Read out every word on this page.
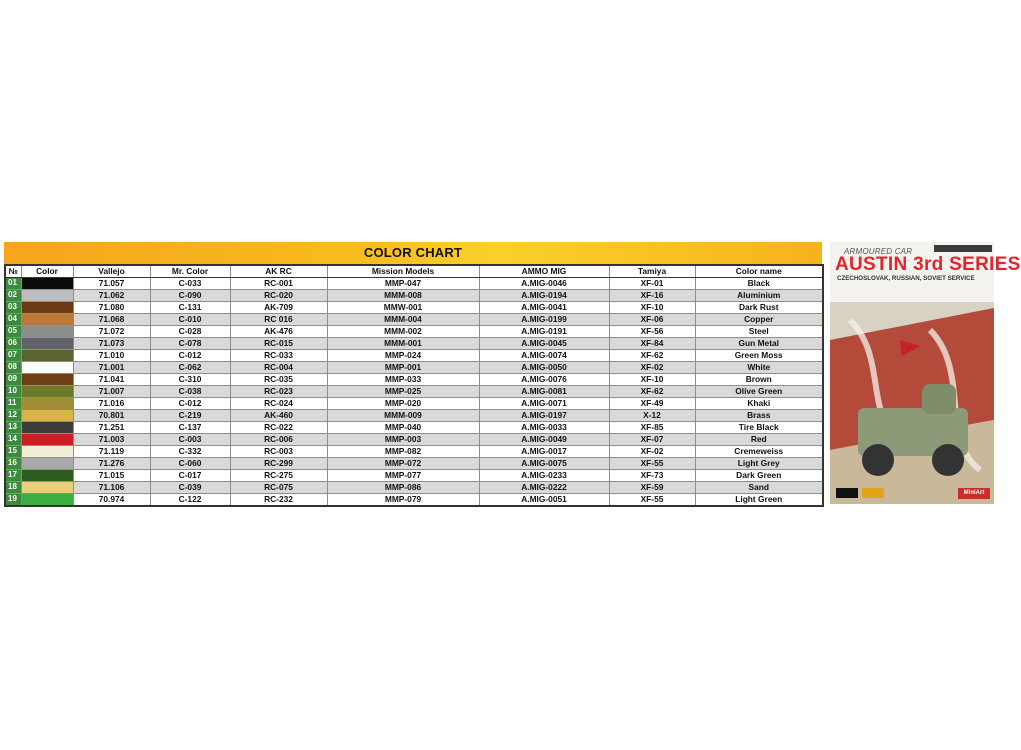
COLOR CHART
№	Color	Vallejo	Mr. Color	AK RC	Mission Models	AMMO MIG	Tamiya	Color name
01		71.057	C-033	RC-001	MMP-047	A.MIG-0046	XF-01	Black
02		71.062	C-090	RC-020	MMM-008	A.MIG-0194	XF-16	Aluminium
03		71.080	C-131	AK-709	MMW-001	A.MIG-0041	XF-10	Dark Rust
04		71.068	C-010	RC 016	MMM-004	A.MIG-0199	XF-06	Copper
05		71.072	C-028	AK-476	MMM-002	A.MIG-0191	XF-56	Steel
06		71.073	C-078	RC-015	MMM-001	A.MIG-0045	XF-84	Gun Metal
07		71.010	C-012	RC-033	MMP-024	A.MIG-0074	XF-62	Green Moss
08		71.001	C-062	RC-004	MMP-001	A.MIG-0050	XF-02	White
09		71.041	C-310	RC-035	MMP-033	A.MIG-0076	XF-10	Brown
10		71.007	C-038	RC-023	MMP-025	A.MIG-0081	XF-62	Olive Green
11		71.016	C-012	RC-024	MMP-020	A.MIG-0071	XF-49	Khaki
12		70.801	C-219	AK-460	MMM-009	A.MIG-0197	X-12	Brass
13		71.251	C-137	RC-022	MMP-040	A.MIG-0033	XF-85	Tire Black
14		71.003	C-003	RC-006	MMP-003	A.MIG-0049	XF-07	Red
15		71.119	C-332	RC-003	MMP-082	A.MIG-0017	XF-02	Cremeweiss
16		71.276	C-060	RC-299	MMP-072	A.MIG-0075	XF-55	Light Grey
17		71.015	C-017	RC-275	MMP-077	A.MIG-0233	XF-73	Dark Green
18		71.106	C-039	RC-075	MMP-086	A.MIG-0222	XF-59	Sand
19		70.974	C-122	RC-232	MMP-079	A.MIG-0051	XF-55	Light Green
ARMOURED CAR
AUSTIN 3rd SERIES
CZECHOSLOVAK, RUSSIAN, SOVIET SERVICE
MiniArt
